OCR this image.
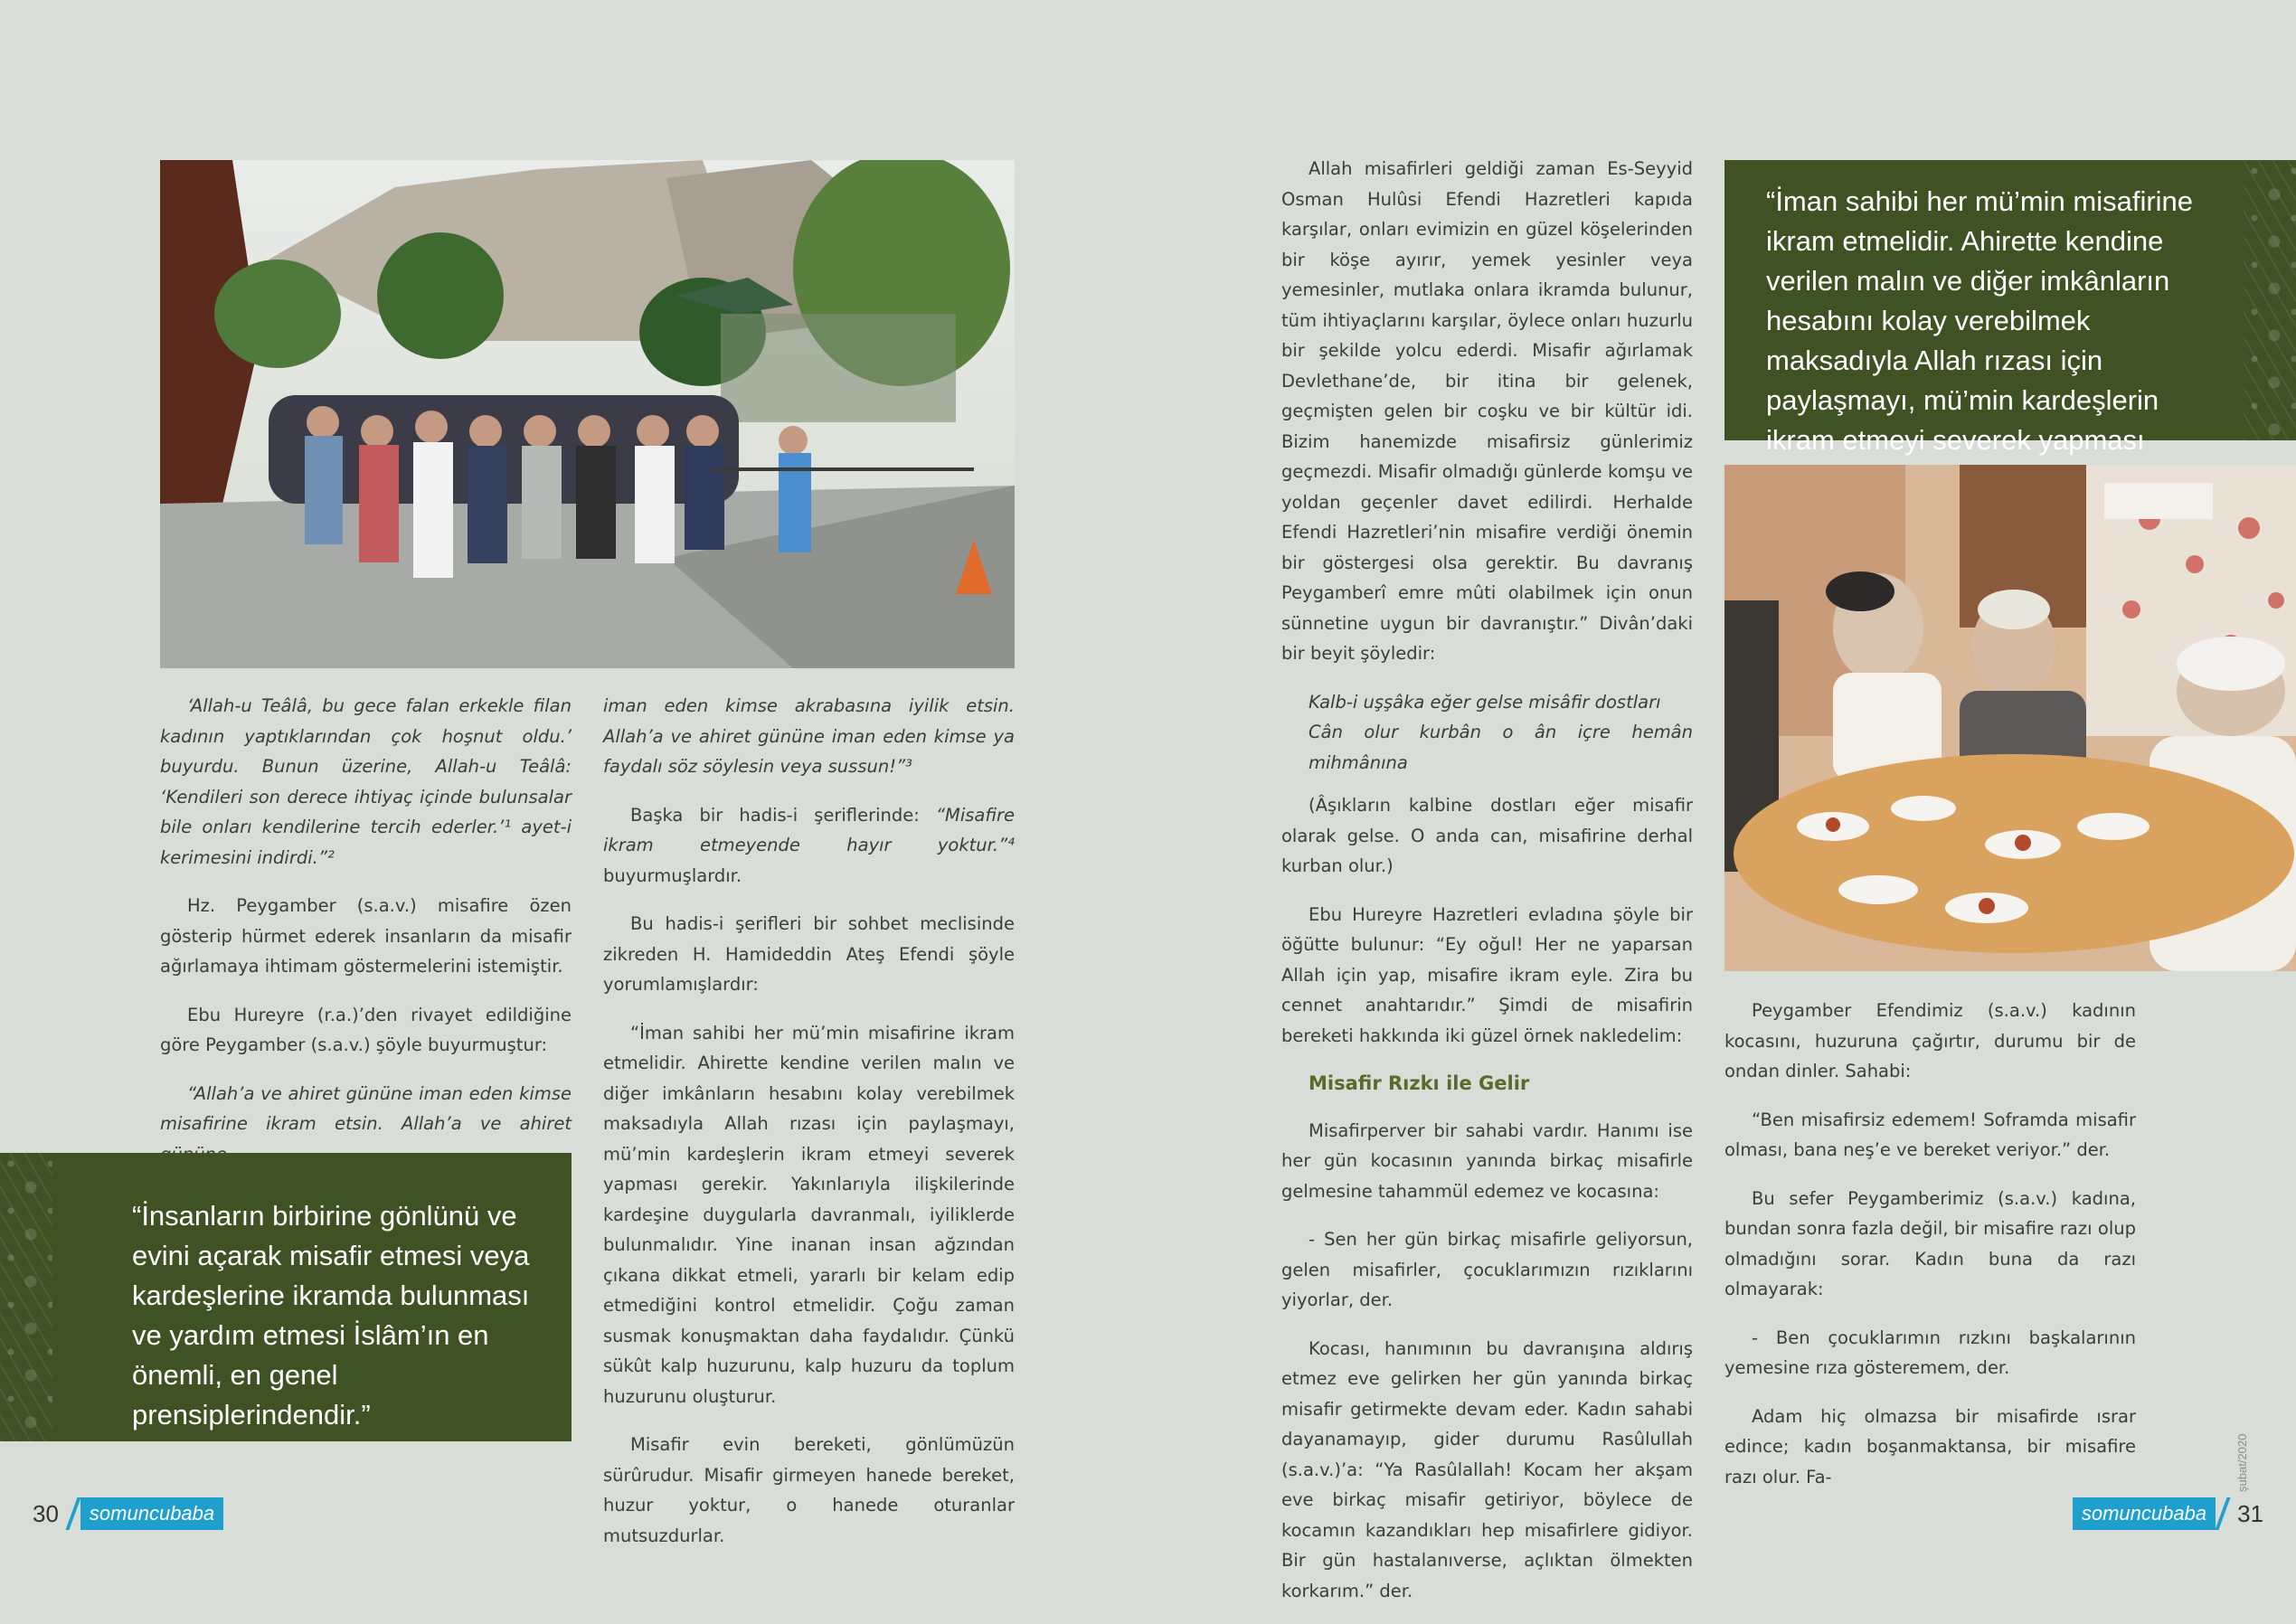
‘Allah-u Teâlâ, bu gece falan erkekle filan kadının yaptıklarından çok hoşnut oldu.’ buyurdu. Bunun üzerine, Allah-u Teâlâ: ‘Kendileri son derece ihtiyaç içinde bulunsalar bile onları kendilerine tercih ederler.’¹ ayet-i kerimesini indirdi.”²

Hz. Peygamber (s.a.v.) misafire özen gösterip hürmet ederek insanların da misafir ağırlamaya ihtimam göstermelerini istemiştir.

Ebu Hureyre (r.a.)’den rivayet edildiğine göre Peygamber (s.a.v.) şöyle buyurmuştur:

“Allah’a ve ahiret gününe iman eden kimse misafirine ikram etsin. Allah’a ve ahiret

iman eden kimse akrabasına iyilik etsin. Allah’a ve ahiret gününe iman eden kimse ya faydalı söz söylesin veya sussun!”³

Başka bir hadis-i şeriflerinde: “Misafire ikram etmeyende hayır yoktur.”⁴ buyurmuşlardır.

Bu hadis-i şerifleri bir sohbet meclisinde zikreden H. Hamideddin Ateş Efendi şöyle yorumlamışlardır:

“İman sahibi her mü’min misafirine ikram etmelidir. Ahirette kendine verilen malın ve diğer imkânların hesabını kolay verebilmek maksadıyla Allah rızası için paylaşmayı, mü’min kardeşlerin ikram etmeyi severek yapması gerekir. Yakınlarıyla ilişkilerinde kardeşine duygularla davranmalı, iyiliklerde bulunmalıdır. Yine inanan insan ağzından çıkana dikkat etmeli, yararlı bir kelam edip etmediğini kontrol etmelidir. Çoğu zaman susmak konuşmaktan daha faydalıdır. Çünkü sükût kalp huzurunu, kalp huzuru da toplum huzurunu oluşturur.

Misafir evin bereketi, gönlümüzün sürûrudur. Misafir girmeyen hanede bereket, huzur yoktur, o hanede oturanlar mutsuzdurlar.

“İnsanların birbirine gönlünü ve evini açarak misafir etmesi veya kardeşlerine ikramda bulunması ve yardım etmesi İslâm’ın en önemli, en genel prensiplerindendir.”
30	somuncubaba

Allah misafirleri geldiği zaman Es-Seyyid Osman Hulûsi Efendi Hazretleri kapıda karşılar, onları evimizin en güzel köşelerinden bir köşe ayırır, yemek yesinler veya yemesinler, mutlaka onlara ikramda bulunur, tüm ihtiyaçlarını karşılar, öylece onları huzurlu bir şekilde yolcu ederdi. Misafir ağırlamak Devlethane’de, bir itina bir gelenek, geçmişten gelen bir coşku ve bir kültür idi. Bizim hanemizde misafirsiz günlerimiz geçmezdi. Misafir olmadığı günlerde komşu ve yoldan geçenler davet edilirdi. Herhalde Efendi Hazretleri’nin misafire verdiği önemin bir göstergesi olsa gerektir. Bu davranış Peygamberî emre mûti olabilmek için onun sünnetine uygun bir davranıştır.” Divân’daki bir beyit şöyledir:

Kalb-i uşşâka eğer gelse misâfir dostları
Cân olur kurbân o ân içre hemân mihmânına

(Âşıkların kalbine dostları eğer misafir olarak gelse. O anda can, misafirine derhal kurban olur.)

Ebu Hureyre Hazretleri evladına şöyle bir öğütte bulunur: “Ey oğul! Her ne yaparsan Allah için yap, misafire ikram eyle. Zira bu cennet anahtarıdır.” Şimdi de misafirin bereketi hakkında iki güzel örnek nakledelim:

Misafir Rızkı ile Gelir

Misafirperver bir sahabi vardır. Hanımı ise her gün kocasının yanında birkaç misafirle gelmesine tahammül edemez ve kocasına:

- Sen her gün birkaç misafirle geliyorsun, gelen misafirler, çocuklarımızın rızıklarını yiyorlar, der.

Kocası, hanımının bu davranışına aldırış etmez eve gelirken her gün yanında birkaç misafir getirmekte devam eder. Kadın sahabi dayanamayıp, gider durumu Rasûlullah (s.a.v.)’a: “Ya Rasûlallah! Kocam her akşam eve birkaç misafir getiriyor, böylece de kocamın kazandıkları hep misafirlere gidiyor. Bir gün hastalanıverse, açlıktan ölmekten korkarım.” der.

“İman sahibi her mü’min misafirine ikram etmelidir. Ahirette kendine verilen malın ve diğer imkânların hesabını kolay verebilmek maksadıyla Allah rızası için paylaşmayı, mü’min kardeşlerin ikram etmeyi severek yapması

Peygamber Efendimiz (s.a.v.) kadının kocasını, huzuruna çağırtır, durumu bir de ondan dinler. Sahabi:

“Ben misafirsiz edemem! Soframda misafir olması, bana neş’e ve bereket veriyor.” der.

Bu sefer Peygamberimiz (s.a.v.) kadına, bundan sonra fazla değil, bir misafire razı olup olmadığını sorar. Kadın buna da razı olmayarak:

- Ben çocuklarımın rızkını başkalarının yemesine rıza gösteremem, der.

Adam hiç olmazsa bir misafirde ısrar edince; kadın boşanmaktansa, bir misafire razı olur. Fa-	şubat/2020
somuncubaba	31
